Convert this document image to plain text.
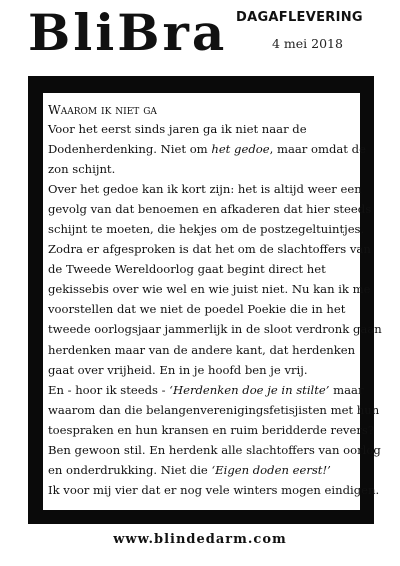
BliBra DAGAFLEVERING
4 mei 2018
Waarom ik niet ga

Voor het eerst sinds jaren ga ik niet naar de

Dodenherdenking. Niet om het gedoe, maar omdat de

zon schijnt.

Over het gedoe kan ik kort zijn: het is altijd weer een

gevolg van dat benoemen en afkaderen dat hier steeds

schijnt te moeten, die hekjes om de postzegeltuintjes.

Zodra er afgesproken is dat het om de slachtoffers van

de Tweede Wereldoorlog gaat begint direct het

gekissebis over wie wel en wie juist niet. Nu kan ik me

voorstellen dat we niet de poedel Poekie die in het

tweede oorlogsjaar jammerlijk in de sloot verdronk gaan

herdenken maar van de andere kant, dat herdenken

gaat over vrijheid. En in je hoofd ben je vrij.

En - hoor ik steeds - ‘Herdenken doe je in stilte’ maar

waarom dan die belangenverenigingsfetisjisten met hun

toespraken en hun kransen en ruim beridderde revers?

Ben gewoon stil. En herdenk alle slachtoffers van oorlog

en onderdrukking. Niet die ‘Eigen doden eerst!’

Ik voor mij vier dat er nog vele winters mogen eindigen.

www.blindedarm.com
